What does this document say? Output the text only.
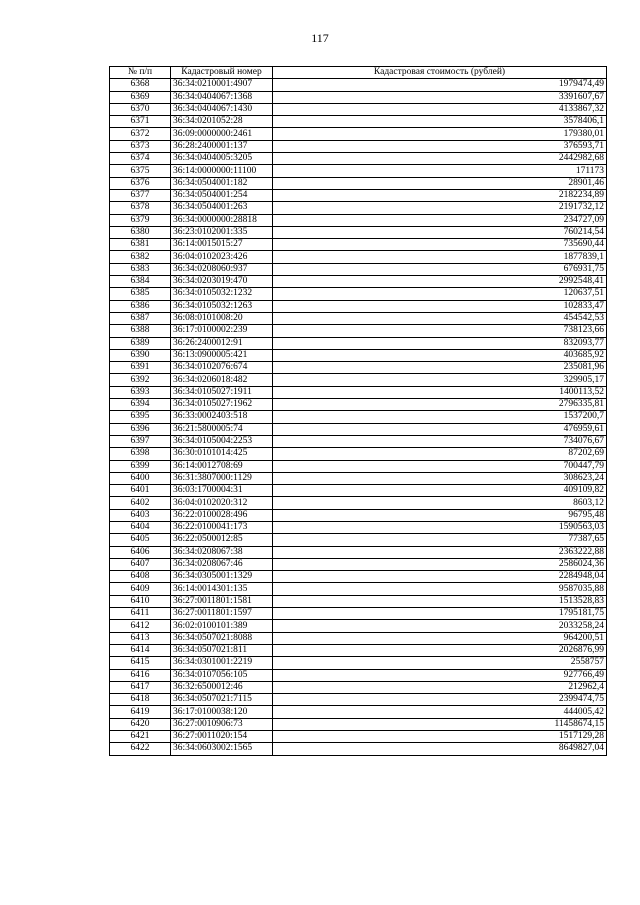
117
№ п/п	Кадастровый номер	Кадастровая стоимость (рублей)
6368	36:34:0210001:4907	1979474,49
6369	36:34:0404067:1368	3391607,67
6370	36:34:0404067:1430	4133867,32
6371	36:34:0201052:28	3578406,1
6372	36:09:0000000:2461	179380,01
6373	36:28:2400001:137	376593,71
6374	36:34:0404005:3205	2442982,68
6375	36:14:0000000:11100	171173
6376	36:34:0504001:182	28901,46
6377	36:34:0504001:254	2182234,89
6378	36:34:0504001:263	2191732,12
6379	36:34:0000000:28818	234727,09
6380	36:23:0102001:335	760214,54
6381	36:14:0015015:27	735690,44
6382	36:04:0102023:426	1877839,1
6383	36:34:0208060:937	676931,75
6384	36:34:0203019:470	2992548,41
6385	36:34:0105032:1232	120637,51
6386	36:34:0105032:1263	102833,47
6387	36:08:0101008:20	454542,53
6388	36:17:0100002:239	738123,66
6389	36:26:2400012:91	832093,77
6390	36:13:0900005:421	403685,92
6391	36:34:0102076:674	235081,96
6392	36:34:0206018:482	329905,17
6393	36:34:0105027:1911	1400113,52
6394	36:34:0105027:1962	2796335,81
6395	36:33:0002403:518	1537200,7
6396	36:21:5800005:74	476959,61
6397	36:34:0105004:2253	734076,67
6398	36:30:0101014:425	87202,69
6399	36:14:0012708:69	700447,79
6400	36:31:3807000:1129	308623,24
6401	36:03:1700004:31	409109,82
6402	36:04:0102020:312	8603,12
6403	36:22:0100028:496	96795,48
6404	36:22:0100041:173	1590563,03
6405	36:22:0500012:85	77387,65
6406	36:34:0208067:38	2363222,88
6407	36:34:0208067:46	2586024,36
6408	36:34:0305001:1329	2284948,04
6409	36:14:0014301:135	9587035,88
6410	36:27:0011801:1581	1513528,83
6411	36:27:0011801:1597	1795181,75
6412	36:02:0100101:389	2033258,24
6413	36:34:0507021:8088	964200,51
6414	36:34:0507021:811	2026876,99
6415	36:34:0301001:2219	2558757
6416	36:34:0107056:105	927766,49
6417	36:32:6500012:46	212962,4
6418	36:34:0507021:7115	2399474,75
6419	36:17:0100038:120	444005,42
6420	36:27:0010906:73	11458674,15
6421	36:27:0011020:154	1517129,28
6422	36:34:0603002:1565	8649827,04
